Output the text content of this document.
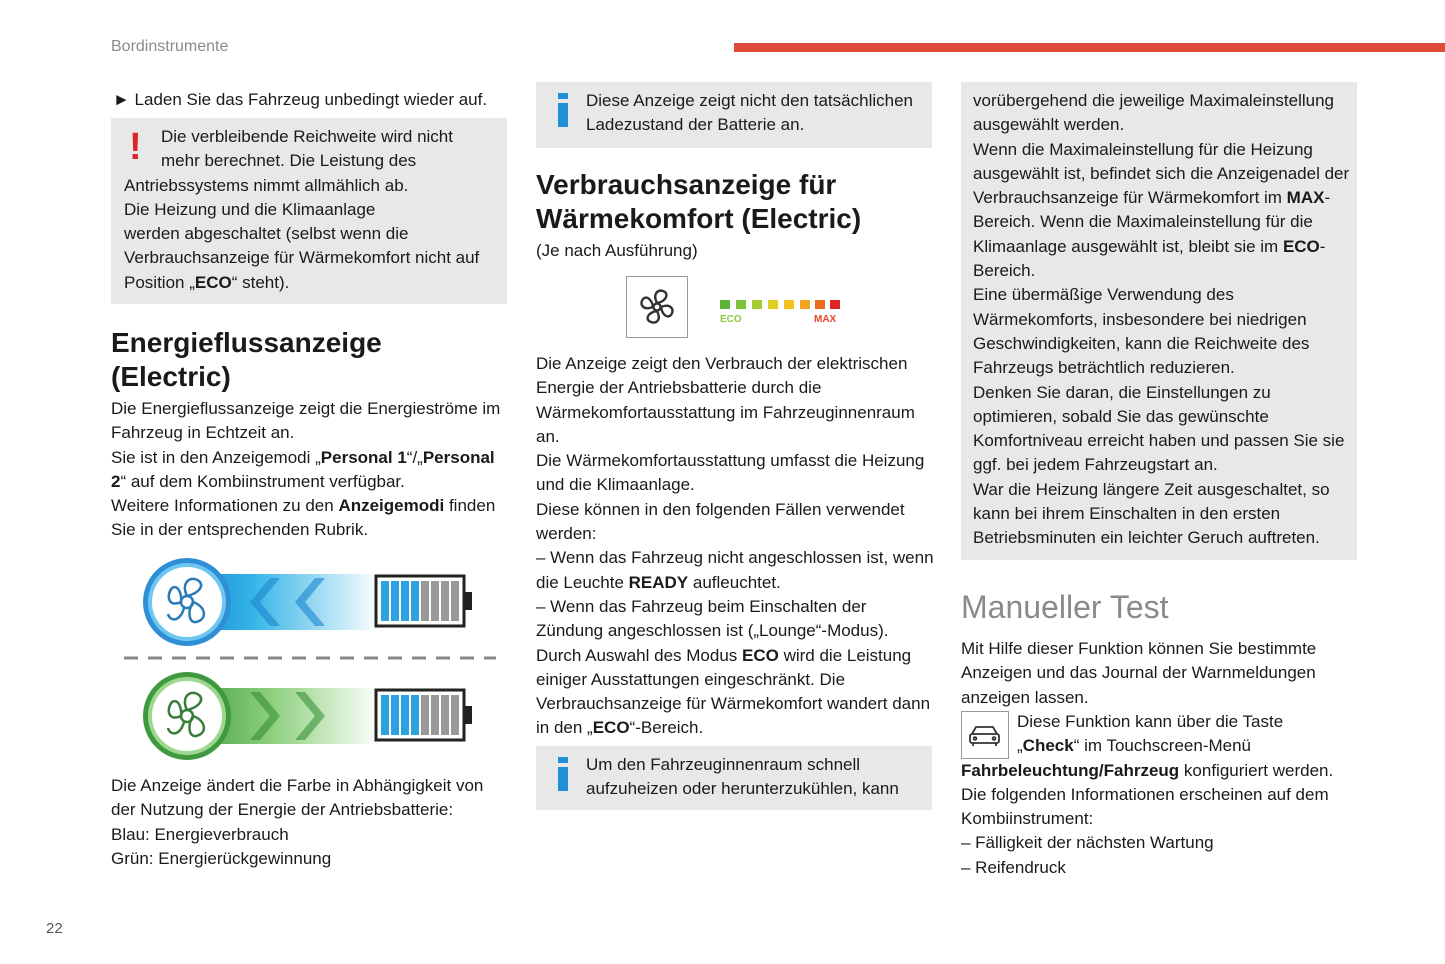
Bordinstrumente

► Laden Sie das Fahrzeug unbedingt wieder auf.

!	Die verbleibende Reichweite wird nicht

mehr berechnet. Die Leistung des

Antriebssystems nimmt allmählich ab.

Die Heizung und die Klimaanlage

werden abgeschaltet (selbst wenn die

Verbrauchsanzeige für Wärmekomfort nicht auf

Position „ECO“ steht).

Energieflussanzeige
(Electric)

Die Energieflussanzeige zeigt die Energieströme im Fahrzeug in Echtzeit an.

Sie ist in den Anzeigemodi „Personal 1“/„Personal 2“ auf dem Kombiinstrument verfügbar.

Weitere Informationen zu den Anzeigemodi finden Sie in der entsprechenden Rubrik.

Die Anzeige ändert die Farbe in Abhängigkeit von der Nutzung der Energie der Antriebsbatterie:

Blau: Energieverbrauch

Grün: Energierückgewinnung

Diese Anzeige zeigt nicht den tatsächlichen Ladezustand der Batterie an.

Verbrauchsanzeige für
Wärmekomfort (Electric)
(Je nach Ausführung)
ECO	MAX

Die Anzeige zeigt den Verbrauch der elektrischen Energie der Antriebsbatterie durch die Wärmekomfortausstattung im Fahrzeuginnenraum an.

Die Wärmekomfortausstattung umfasst die Heizung und die Klimaanlage.

Diese können in den folgenden Fällen verwendet werden:

– Wenn das Fahrzeug nicht angeschlossen ist, wenn die Leuchte READY aufleuchtet.

– Wenn das Fahrzeug beim Einschalten der Zündung angeschlossen ist („Lounge“-Modus).

Durch Auswahl des Modus ECO wird die Leistung einiger Ausstattungen eingeschränkt. Die Verbrauchsanzeige für Wärmekomfort wandert dann in den „ECO“-Bereich.

Um den Fahrzeuginnenraum schnell aufzuheizen oder herunterzukühlen, kann

vorübergehend die jeweilige Maximaleinstellung ausgewählt werden.

Wenn die Maximaleinstellung für die Heizung ausgewählt ist, befindet sich die Anzeigenadel der Verbrauchsanzeige für Wärmekomfort im MAX-Bereich. Wenn die Maximaleinstellung für die Klimaanlage ausgewählt ist, bleibt sie im ECO-Bereich.

Eine übermäßige Verwendung des Wärmekomforts, insbesondere bei niedrigen Geschwindigkeiten, kann die Reichweite des Fahrzeugs beträchtlich reduzieren.

Denken Sie daran, die Einstellungen zu optimieren, sobald Sie das gewünschte Komfortniveau erreicht haben und passen Sie sie ggf. bei jedem Fahrzeugstart an.

War die Heizung längere Zeit ausgeschaltet, so kann bei ihrem Einschalten in den ersten Betriebsminuten ein leichter Geruch auftreten.

Manueller Test

Mit Hilfe dieser Funktion können Sie bestimmte Anzeigen und das Journal der Warnmeldungen anzeigen lassen.

Diese Funktion kann über die Taste

„Check“ im Touchscreen-Menü

Fahrbeleuchtung/Fahrzeug konfiguriert werden.

Die folgenden Informationen erscheinen auf dem Kombiinstrument:

– Fälligkeit der nächsten Wartung

– Reifendruck

22
